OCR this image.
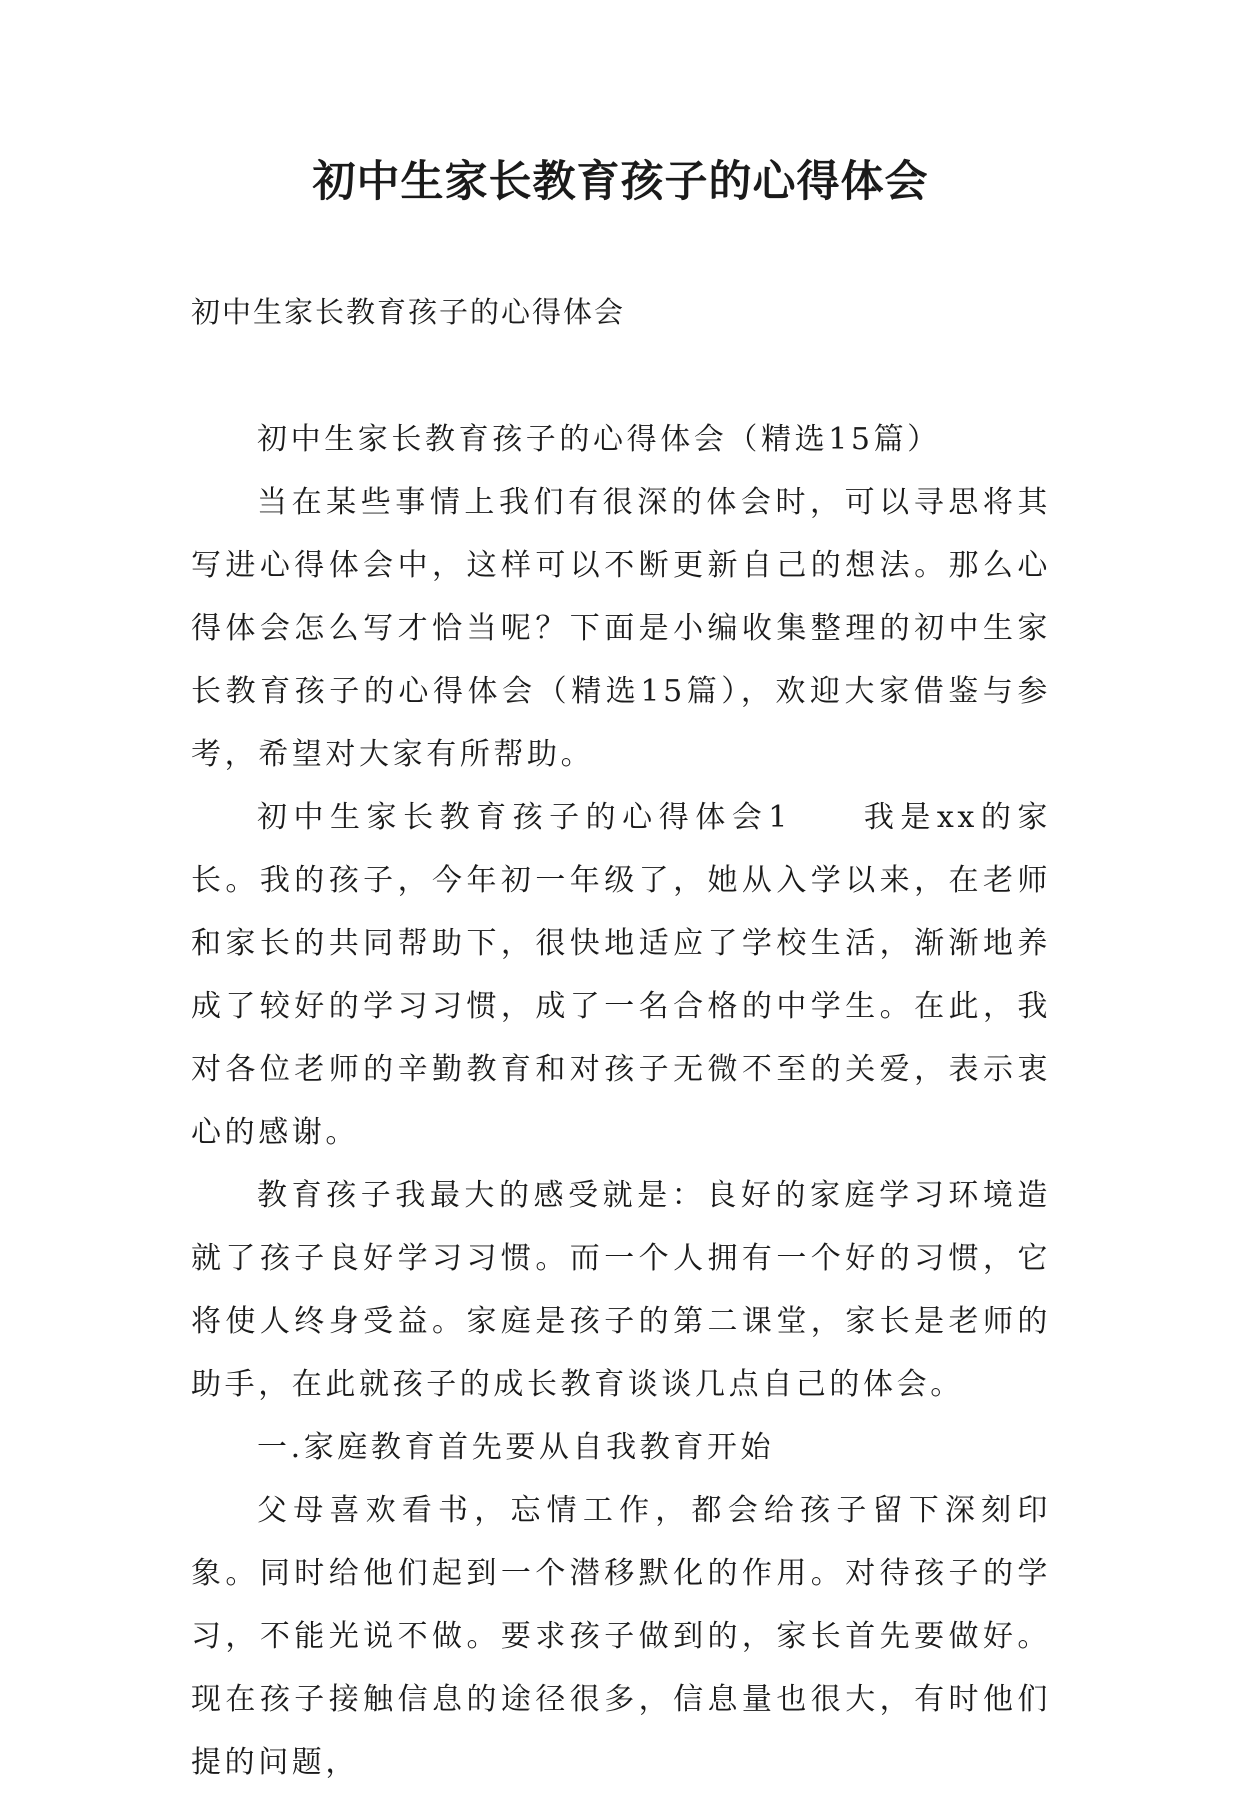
初中生家长教育孩子的心得体会

初中生家长教育孩子的心得体会

初中生家长教育孩子的心得体会（精选15篇）

当在某些事情上我们有很深的体会时，可以寻思将其写进心得体会中，这样可以不断更新自己的想法。那么心得体会怎么写才恰当呢？下面是小编收集整理的初中生家长教育孩子的心得体会（精选15篇），欢迎大家借鉴与参考，希望对大家有所帮助。

初中生家长教育孩子的心得体会1 我是xx的家长。我的孩子，今年初一年级了，她从入学以来，在老师和家长的共同帮助下，很快地适应了学校生活，渐渐地养成了较好的学习习惯，成了一名合格的中学生。在此，我对各位老师的辛勤教育和对孩子无微不至的关爱，表示衷心的感谢。

教育孩子我最大的感受就是：良好的家庭学习环境造就了孩子良好学习习惯。而一个人拥有一个好的习惯，它将使人终身受益。家庭是孩子的第二课堂，家长是老师的助手，在此就孩子的成长教育谈谈几点自己的体会。

一.家庭教育首先要从自我教育开始

父母喜欢看书，忘情工作，都会给孩子留下深刻印象。同时给他们起到一个潜移默化的作用。对待孩子的学习，不能光说不做。要求孩子做到的，家长首先要做好。现在孩子接触信息的途径很多，信息量也很大，有时他们提的问题，
